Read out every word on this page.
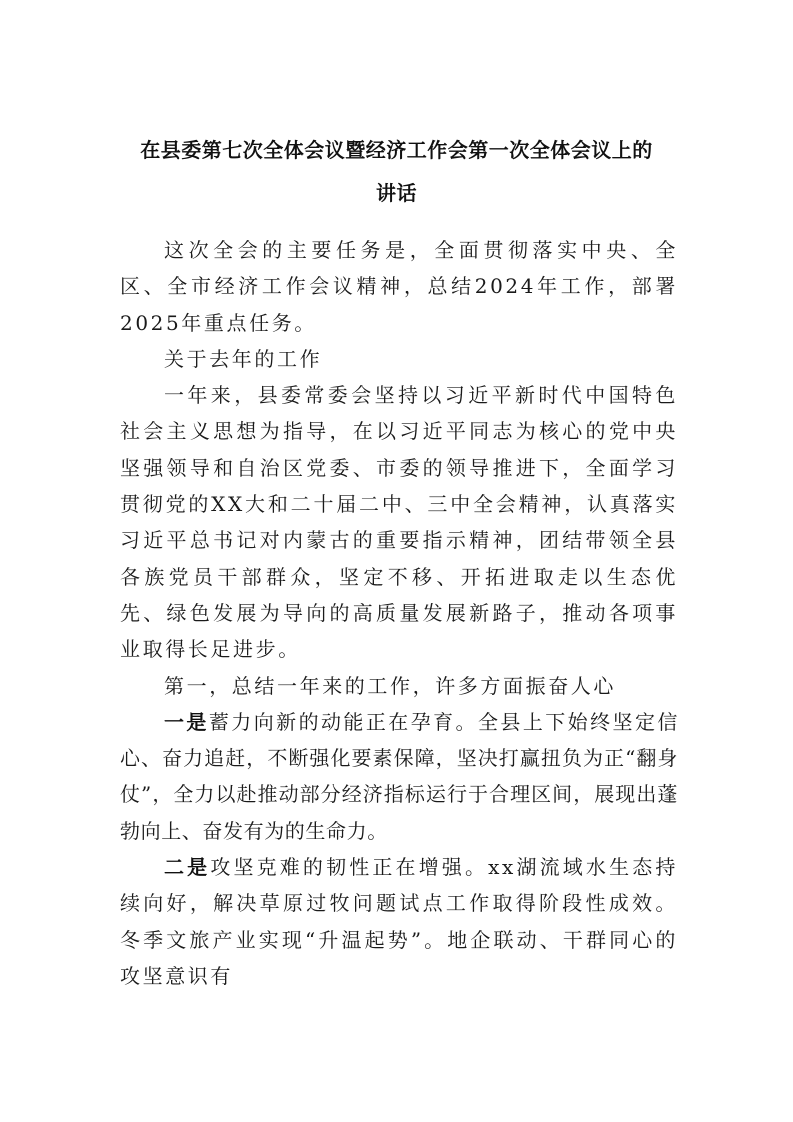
在县委第七次全体会议暨经济工作会第一次全体会议上的
讲话

这次全会的主要任务是，全面贯彻落实中央、全区、全市经济工作会议精神，总结2024年工作，部署2025年重点任务。

关于去年的工作

一年来，县委常委会坚持以习近平新时代中国特色社会主义思想为指导，在以习近平同志为核心的党中央坚强领导和自治区党委、市委的领导推进下，全面学习贯彻党的XX大和二十届二中、三中全会精神，认真落实习近平总书记对内蒙古的重要指示精神，团结带领全县各族党员干部群众，坚定不移、开拓进取走以生态优先、绿色发展为导向的高质量发展新路子，推动各项事业取得长足进步。

第一，总结一年来的工作，许多方面振奋人心

一是蓄力向新的动能正在孕育。全县上下始终坚定信心、奋力追赶，不断强化要素保障，坚决打赢扭负为正“翻身仗”，全力以赴推动部分经济指标运行于合理区间，展现出蓬勃向上、奋发有为的生命力。

二是攻坚克难的韧性正在增强。xx湖流域水生态持续向好，解决草原过牧问题试点工作取得阶段性成效。冬季文旅产业实现“升温起势”。地企联动、干群同心的攻坚意识有
